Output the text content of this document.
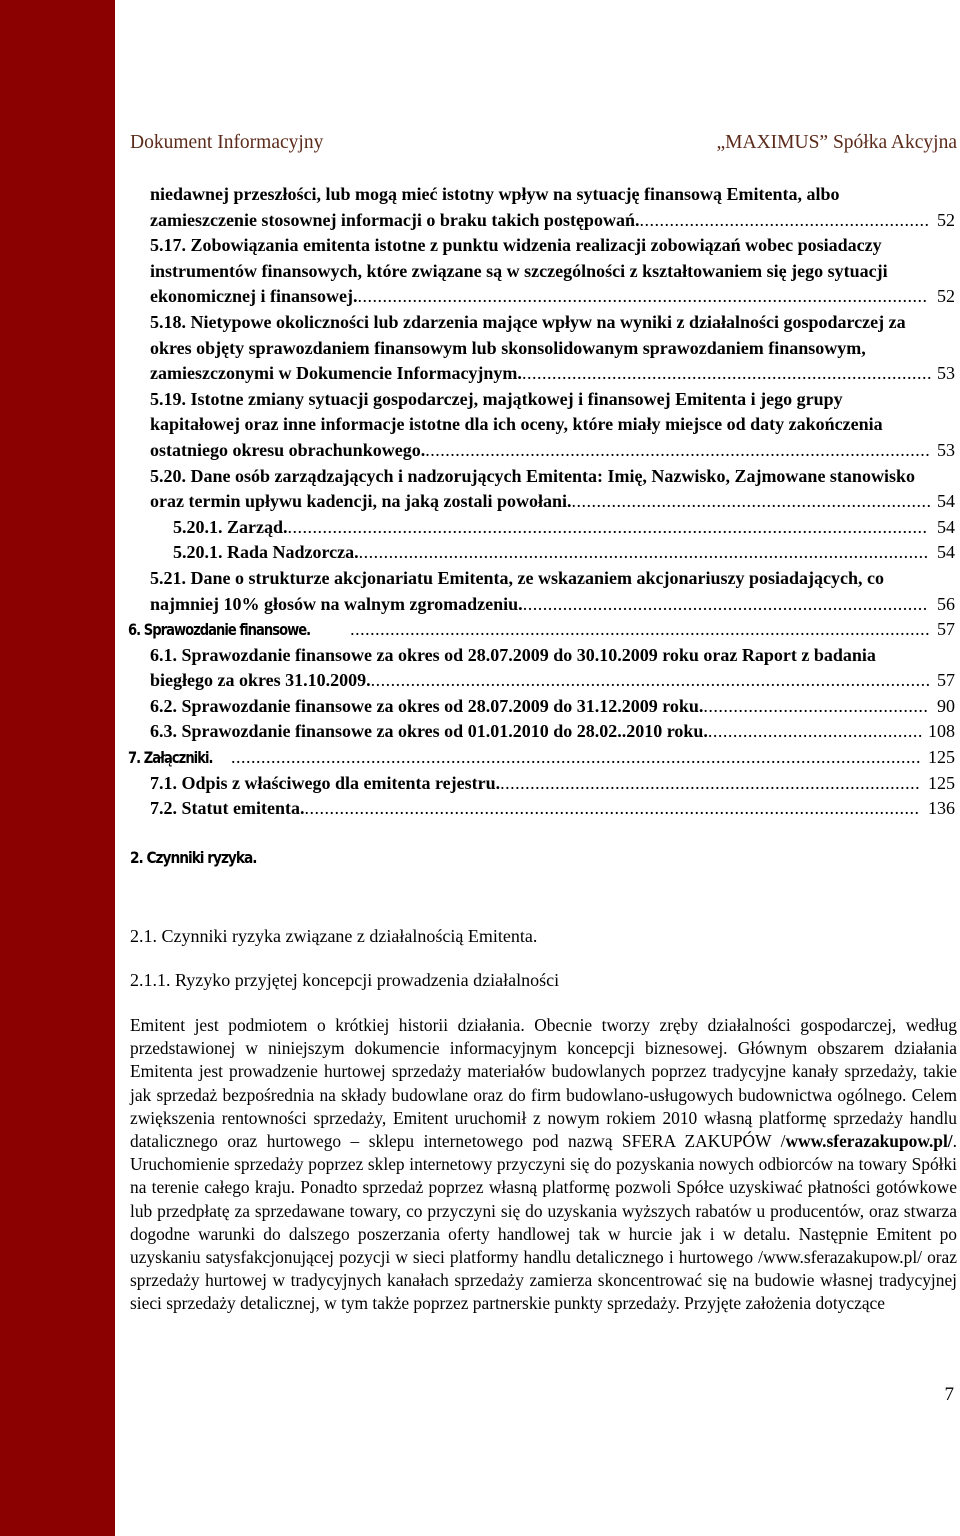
Dokument Informacyjny	„MAXIMUS” Spółka Akcyjna
niedawnej przeszłości, lub mogą mieć istotny wpływ na sytuację finansową Emitenta, albo zamieszczenie stosownej informacji o braku takich postępowań........................................................... 52
5.17. Zobowiązania emitenta istotne z punktu widzenia realizacji zobowiązań wobec posiadaczy instrumentów finansowych, które związane są w szczególności z kształtowaniem się jego sytuacji ekonomicznej i finansowej................................................................................................................... 52
5.18. Nietypowe okoliczności lub zdarzenia mające wpływ na wyniki z działalności gospodarczej za okres objęty sprawozdaniem finansowym lub skonsolidowanym sprawozdaniem finansowym, zamieszczonymi w Dokumencie Informacyjnym................................................................................... 53
5.19. Istotne zmiany sytuacji gospodarczej, majątkowej i finansowej Emitenta i jego grupy kapitałowej oraz inne informacje istotne dla ich oceny, które miały miejsce od daty zakończenia ostatniego okresu obrachunkowego...................................................................................................... 53
5.20. Dane osób zarządzających i nadzorujących Emitenta: Imię, Nazwisko, Zajmowane stanowisko oraz termin upływu kadencji, na jaką zostali powołani......................................................................... 54
5.20.1. Zarząd................................................................................................................................. 54
5.20.1. Rada Nadzorcza................................................................................................................... 54
5.21. Dane o strukturze akcjonariatu Emitenta, ze wskazaniem akcjonariuszy posiadających, co najmniej 10% głosów na walnym zgromadzeniu.................................................................................. 56
6. Sprawozdanie finansowe. .................................................................................................................... 57
6.1. Sprawozdanie finansowe za okres od 28.07.2009 do 30.10.2009 roku oraz Raport z badania biegłego za okres 31.10.2009................................................................................................................. 57
6.2. Sprawozdanie finansowe za okres od 28.07.2009 do 31.12.2009 roku.............................................. 90
6.3. Sprawozdanie finansowe za okres od 01.01.2010 do 28.02..2010 roku............................................ 108
7. Załączniki. .......................................................................................................................................... 125
7.1. Odpis z właściwego dla emitenta rejestru..................................................................................... 125
7.2. Statut emitenta............................................................................................................................ 136
2. Czynniki ryzyka.
2.1. Czynniki ryzyka związane z działalnością Emitenta.
2.1.1. Ryzyko przyjętej koncepcji prowadzenia działalności
Emitent jest podmiotem o krótkiej historii działania. Obecnie tworzy zręby działalności gospodarczej, według przedstawionej w niniejszym dokumencie informacyjnym koncepcji biznesowej. Głównym obszarem działania Emitenta jest prowadzenie hurtowej sprzedaży materiałów budowlanych poprzez tradycyjne kanały sprzedaży, takie jak sprzedaż bezpośrednia na składy budowlane oraz do firm budowlano-usługowych budownictwa ogólnego. Celem zwiększenia rentowności sprzedaży, Emitent uruchomił z nowym rokiem 2010 własną platformę sprzedaży handlu datalicznego oraz hurtowego – sklepu internetowego pod nazwą SFERA ZAKUPÓW /www.sferazakupow.pl/. Uruchomienie sprzedaży poprzez sklep internetowy przyczyni się do pozyskania nowych odbiorców na towary Spółki na terenie całego kraju. Ponadto sprzedaż poprzez własną platformę pozwoli Spółce uzyskiwać płatności gotówkowe lub przedpłatę za sprzedawane towary, co przyczyni się do uzyskania wyższych rabatów u producentów, oraz stwarza dogodne warunki do dalszego poszerzania oferty handlowej tak w hurcie jak i w detalu. Następnie Emitent po uzyskaniu satysfakcjonującej pozycji w sieci platformy handlu detalicznego i hurtowego /www.sferazakupow.pl/ oraz sprzedaży hurtowej w tradycyjnych kanałach sprzedaży zamierza skoncentrować się na budowie własnej tradycyjnej sieci sprzedaży detalicznej, w tym także poprzez partnerskie punkty sprzedaży. Przyjęte założenia dotyczące
7
